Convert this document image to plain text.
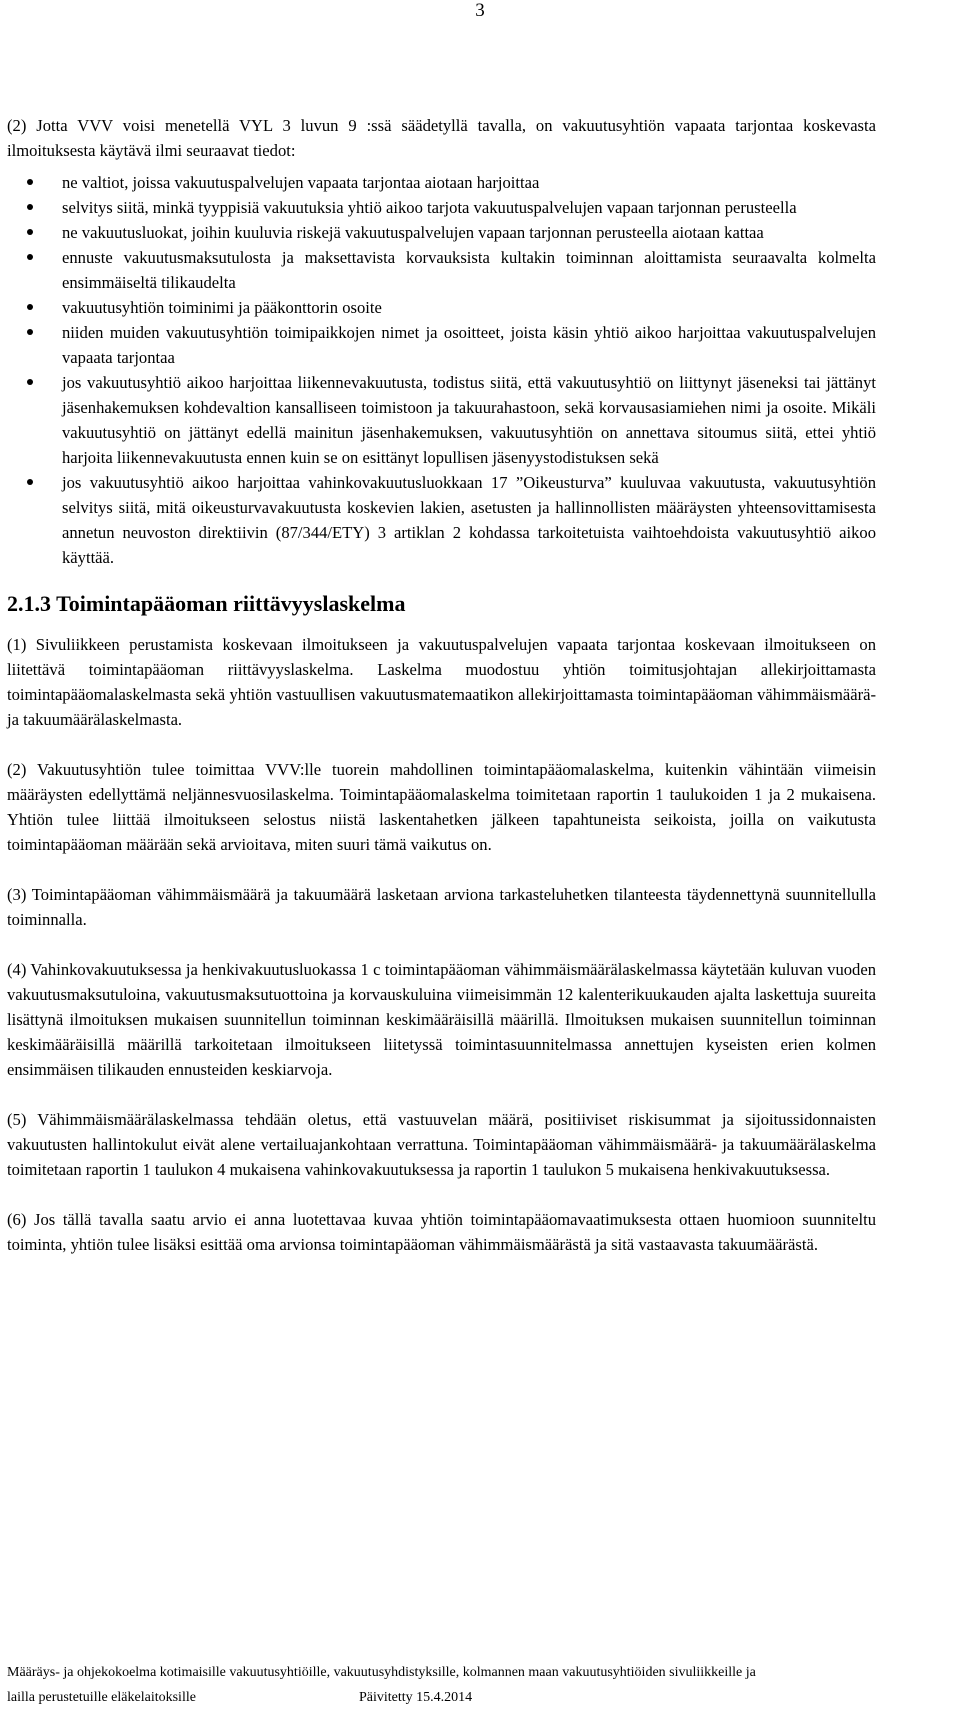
3

(2) Jotta VVV voisi menetellä VYL 3 luvun 9 :ssä säädetyllä tavalla, on vakuutusyhtiön vapaata tarjontaa koskevasta ilmoituksesta käytävä ilmi seuraavat tiedot:

ne valtiot, joissa vakuutuspalvelujen vapaata tarjontaa aiotaan harjoittaa
selvitys siitä, minkä tyyppisiä vakuutuksia yhtiö aikoo tarjota vakuutuspalvelujen vapaan tarjonnan perusteella
ne vakuutusluokat, joihin kuuluvia riskejä vakuutuspalvelujen vapaan tarjonnan perusteella aiotaan kattaa
ennuste vakuutusmaksutulosta ja maksettavista korvauksista kultakin toiminnan aloittamista seuraavalta kolmelta ensimmäiseltä tilikaudelta
vakuutusyhtiön toiminimi ja pääkonttorin osoite
niiden muiden vakuutusyhtiön toimipaikkojen nimet ja osoitteet, joista käsin yhtiö aikoo harjoittaa vakuutuspalvelujen vapaata tarjontaa
jos vakuutusyhtiö aikoo harjoittaa liikennevakuutusta, todistus siitä, että vakuutusyhtiö on liittynyt jäseneksi tai jättänyt jäsenhakemuksen kohdevaltion kansalliseen toimistoon ja takuurahastoon, sekä korvausasiamiehen nimi ja osoite. Mikäli vakuutusyhtiö on jättänyt edellä mainitun jäsenhakemuksen, vakuutusyhtiön on annettava sitoumus siitä, ettei yhtiö harjoita liikennevakuutusta ennen kuin se on esittänyt lopullisen jäsenyystodistuksen sekä
jos vakuutusyhtiö aikoo harjoittaa vahinkovakuutusluokkaan 17 ”Oikeusturva” kuuluvaa vakuutusta, vakuutusyhtiön selvitys siitä, mitä oikeusturvavakuutusta koskevien lakien, asetusten ja hallinnollisten määräysten yhteensovittamisesta annetun neuvoston direktiivin (87/344/ETY) 3 artiklan 2 kohdassa tarkoitetuista vaihtoehdoista vakuutusyhtiö aikoo käyttää.
2.1.3 Toimintapääoman riittävyyslaskelma

(1) Sivuliikkeen perustamista koskevaan ilmoitukseen ja vakuutuspalvelujen vapaata tarjontaa koskevaan ilmoitukseen on liitettävä toimintapääoman riittävyyslaskelma. Laskelma muodostuu yhtiön toimitusjohtajan allekirjoittamasta toimintapääomalaskelmasta sekä yhtiön vastuullisen vakuutusmatemaatikon allekirjoittamasta toimintapääoman vähimmäismäärä- ja takuumäärälaskelmasta.

(2) Vakuutusyhtiön tulee toimittaa VVV:lle tuorein mahdollinen toimintapääomalaskelma, kuitenkin vähintään viimeisin määräysten edellyttämä neljännesvuosilaskelma. Toimintapääomalaskelma toimitetaan raportin 1 taulukoiden 1 ja 2 mukaisena. Yhtiön tulee liittää ilmoitukseen selostus niistä laskentahetken jälkeen tapahtuneista seikoista, joilla on vaikutusta toimintapääoman määrään sekä arvioitava, miten suuri tämä vaikutus on.

(3) Toimintapääoman vähimmäismäärä ja takuumäärä lasketaan arviona tarkasteluhetken tilanteesta täydennettynä suunnitellulla toiminnalla.

(4) Vahinkovakuutuksessa ja henkivakuutusluokassa 1 c toimintapääoman vähimmäismäärälaskelmassa käytetään kuluvan vuoden vakuutusmaksutuloina, vakuutusmaksutuottoina ja korvauskuluina viimeisimmän 12 kalenterikuukauden ajalta laskettuja suureita lisättynä ilmoituksen mukaisen suunnitellun toiminnan keskimääräisillä määrillä. Ilmoituksen mukaisen suunnitellun toiminnan keskimääräisillä määrillä tarkoitetaan ilmoitukseen liitetyssä toimintasuunnitelmassa annettujen kyseisten erien kolmen ensimmäisen tilikauden ennusteiden keskiarvoja.

(5) Vähimmäismäärälaskelmassa tehdään oletus, että vastuuvelan määrä, positiiviset riskisummat ja sijoitussidonnaisten vakuutusten hallintokulut eivät alene vertailuajankohtaan verrattuna. Toimintapääoman vähimmäismäärä- ja takuumäärälaskelma toimitetaan raportin 1 taulukon 4 mukaisena vahinkovakuutuksessa ja raportin 1 taulukon 5 mukaisena henkivakuutuksessa.

(6) Jos tällä tavalla saatu arvio ei anna luotettavaa kuvaa yhtiön toimintapääomavaatimuksesta ottaen huomioon suunniteltu toiminta, yhtiön tulee lisäksi esittää oma arvionsa toimintapääoman vähimmäismäärästä ja sitä vastaavasta takuumäärästä.

Määräys- ja ohjekokoelma kotimaisille vakuutusyhtiöille, vakuutusyhdistyksille, kolmannen maan vakuutusyhtiöiden sivuliikkeille ja
lailla perustetuille eläkelaitoksille	Päivitetty 15.4.2014
